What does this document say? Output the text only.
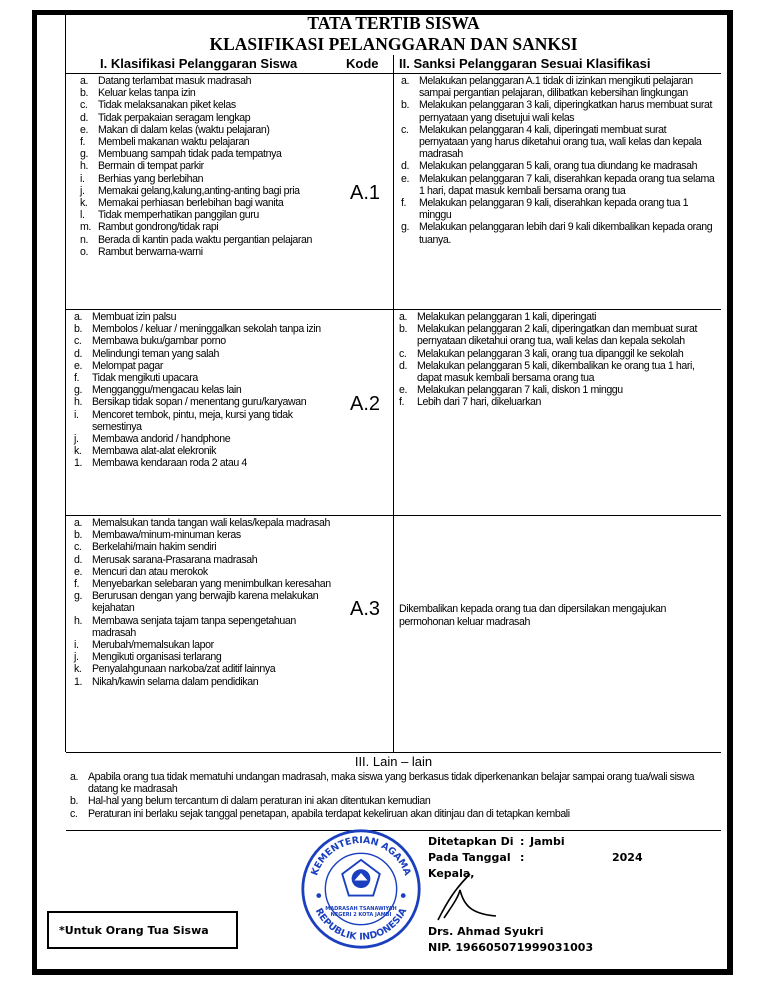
TATA TERTIB SISWA
KLASIFIKASI PELANGGARAN DAN SANKSI
I. Klasifikasi Pelanggaran Siswa	Kode II. Sanksi Pelanggaran Sesuai Klasifikasi
a. Datang terlambat masuk madrasah
b. Keluar kelas tanpa izin
c. Tidak melaksanakan piket kelas
d. Tidak perpakaian seragam lengkap
e. Makan di dalam kelas (waktu pelajaran)
f. Membeli makanan waktu pelajaran
g. Membuang sampah tidak pada tempatnya
h. Bermain di tempat parkir
i. Berhias yang berlebihan
j. Memakai gelang,kalung,anting-anting bagi pria
k. Memakai perhiasan berlebihan bagi wanita
l. Tidak memperhatikan panggilan guru
m. Rambut gondrong/tidak rapi
n. Berada di kantin pada waktu pergantian pelajaran
o. Rambut berwarna-warni
A.1
a. Melakukan pelanggaran A.1 tidak di izinkan mengikuti pelajaran sampai pergantian pelajaran, dilibatkan kebersihan lingkungan
b. Melakukan pelanggaran 3 kali, diperingkatkan harus membuat surat pernyataan yang disetujui wali kelas
c. Melakukan pelanggaran 4 kali, diperingati membuat surat pernyataan yang harus diketahui orang tua, wali kelas dan kepala madrasah
d. Melakukan pelanggaran 5 kali, orang tua diundang ke madrasah
e. Melakukan pelanggaran 7 kali, diserahkan kepada orang tua selama 1 hari, dapat masuk kembali bersama orang tua
f. Melakukan pelanggaran 9 kali, diserahkan kepada orang tua 1 minggu
g. Melakukan pelanggaran lebih dari 9 kali dikembalikan kepada orang tuanya.
a. Membuat izin palsu
b. Membolos / keluar / meninggalkan sekolah tanpa izin
c. Membawa buku/gambar porno
d. Melindungi teman yang salah
e. Melompat pagar
f. Tidak mengikuti upacara
g. Mengganggu/mengacau kelas lain
h. Bersikap tidak sopan / menentang guru/karyawan
i. Mencoret tembok, pintu, meja, kursi yang tidak semestinya
j. Membawa andorid / handphone
k. Membawa alat-alat elekronik
1. Membawa kendaraan roda 2 atau 4
A.2
a. Melakukan pelanggaran 1 kali, diperingati
b. Melakukan pelanggaran 2 kali, diperingatkan dan membuat surat pernyataan diketahui orang tua, wali kelas dan kepala sekolah
c. Melakukan pelanggaran 3 kali, orang tua dipanggil ke sekolah
d. Melakukan pelanggaran 5 kali, dikembalikan ke orang tua 1 hari, dapat masuk kembali bersama orang tua
e. Melakukan pelanggaran 7 kali, diskon 1 minggu
f. Lebih dari 7 hari, dikeluarkan
a. Memalsukan tanda tangan wali kelas/kepala madrasah
b. Membawa/minum-minuman keras
c. Berkelahi/main hakim sendiri
d. Merusak sarana-Prasarana madrasah
e. Mencuri dan atau merokok
f. Menyebarkan selebaran yang menimbulkan keresahan
g. Berurusan dengan yang berwajib karena melakukan kejahatan
h. Membawa senjata tajam tanpa sepengetahuan madrasah
i. Merubah/memalsukan lapor
j. Mengikuti organisasi terlarang
k. Penyalahgunaan narkoba/zat aditif lainnya
1. Nikah/kawin selama dalam pendidikan
A.3 Dikembalikan kepada orang tua dan dipersilakan mengajukan permohonan keluar madrasah
III. Lain – lain
a. Apabila orang tua tidak mematuhi undangan madrasah, maka siswa yang berkasus tidak diperkenankan belajar sampai orang tua/wali siswa datang ke madrasah
b. Hal-hal yang belum tercantum di dalam peraturan ini akan ditentukan kemudian
c. Peraturan ini berlaku sejak tanggal penetapan, apabila terdapat kekeliruan akan ditinjau dan di tetapkan kembali
KEMENTERIAN AGAMA
REPUBLIK INDONESIA
MADRASAH TSANAWIYAH NEGERI 2 KOTA JAMBI
Ditetapkan Di : Jambi
Pada Tanggal :
Kepala,
2024
Drs. Ahmad Syukri
NIP. 196605071999031003
*Untuk Orang Tua Siswa
